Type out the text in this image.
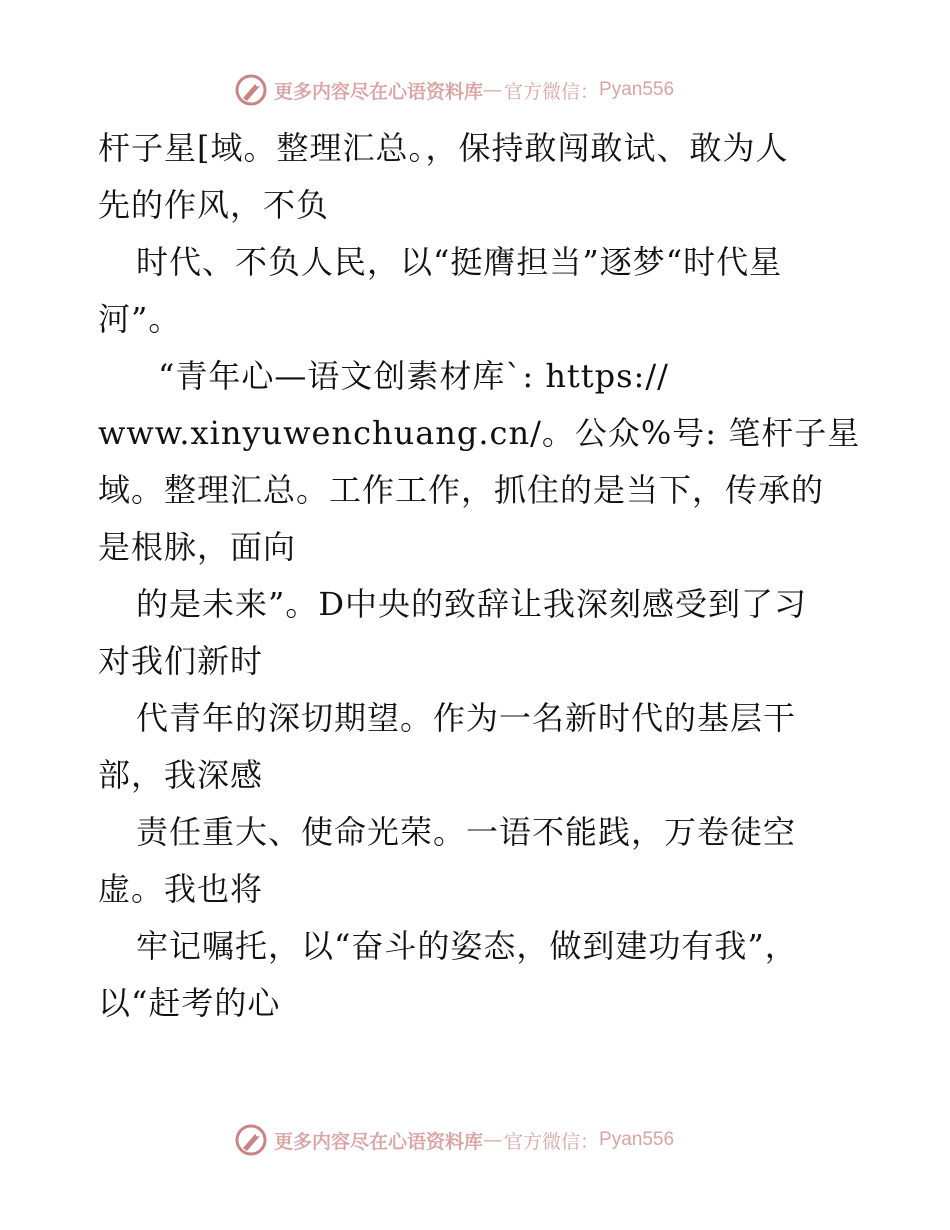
更多内容尽在心语资料库 — 官方微信： Pyan556
杆子星[域。整理汇总。，保持敢闯敢试、敢为人
先的作风，不负
时代、不负人民，以“挺膺担当”逐梦“时代星
河”。
“青年心—语文创素材库`: https://
www.xinyuwenchuang.cn/。公众%号: 笔杆子星
域。整理汇总。工作工作，抓住的是当下，传承的
是根脉，面向
的是未来”。D中央的致辞让我深刻感受到了习
对我们新时
代青年的深切期望。作为一名新时代的基层干
部，我深感
责任重大、使命光荣。一语不能践，万卷徒空
虚。我也将
牢记嘱托，以“奋斗的姿态，做到建功有我”，
以“赶考的心
更多内容尽在心语资料库 — 官方微信： Pyan556
